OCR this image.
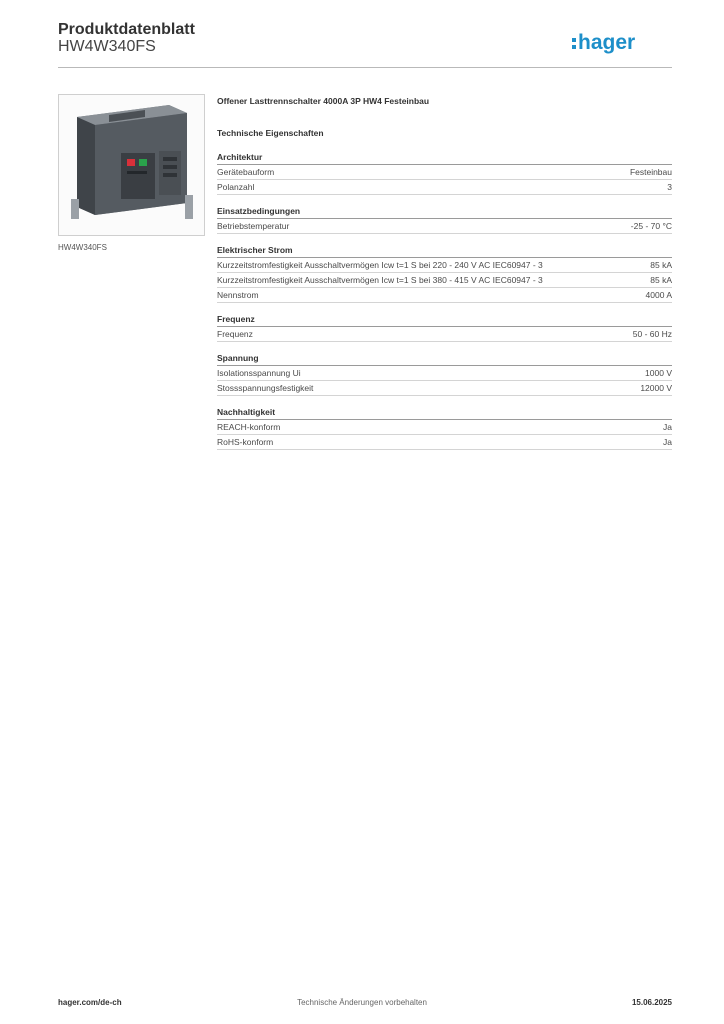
Produktdatenblatt
HW4W340FS	hager
HW4W340FS
Offener Lasttrennschalter 4000A 3P HW4 Festeinbau
Technische Eigenschaften
Architektur
Gerätebauform	Festeinbau
Polanzahl	3
Einsatzbedingungen
Betriebstemperatur	-25 - 70 °C
Elektrischer Strom
Kurzzeitstromfestigkeit Ausschaltvermögen Icw t=1 S bei 220 - 240 V AC IEC60947 - 3	85 kA
Kurzzeitstromfestigkeit Ausschaltvermögen Icw t=1 S bei 380 - 415 V AC IEC60947 - 3	85 kA
Nennstrom	4000 A
Frequenz
Frequenz	50 - 60 Hz
Spannung
Isolationsspannung Ui	1000 V
Stossspannungsfestigkeit	12000 V
Nachhaltigkeit
REACH-konform	Ja
RoHS-konform	Ja
hager.com/de-ch	Technische Änderungen vorbehalten	15.06.2025
